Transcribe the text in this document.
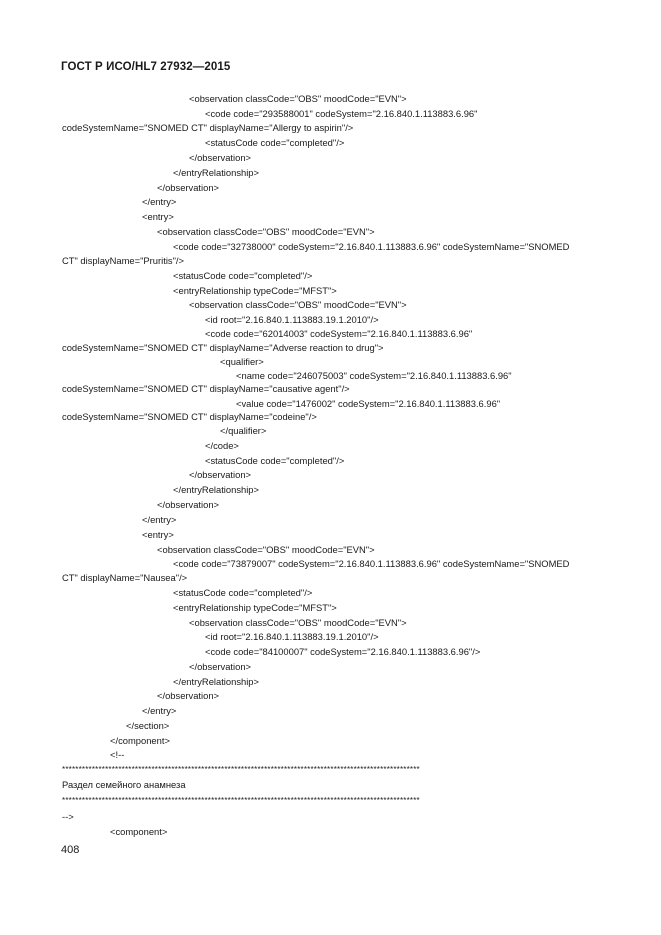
ГОСТ Р ИСО/HL7 27932—2015
<observation classCode="OBS" moodCode="EVN">
<code code="293588001" codeSystem="2.16.840.1.113883.6.96"
codeSystemName="SNOMED CT" displayName="Allergy to aspirin"/>
<statusCode code="completed"/>
</observation>
</entryRelationship>
</observation>
</entry>
<entry>
<observation classCode="OBS" moodCode="EVN">
<code code="32738000" codeSystem="2.16.840.1.113883.6.96" codeSystemName="SNOMED
CT" displayName="Pruritis"/>
<statusCode code="completed"/>
<entryRelationship typeCode="MFST">
<observation classCode="OBS" moodCode="EVN">
<id root="2.16.840.1.113883.19.1.2010"/>
<code code="62014003" codeSystem="2.16.840.1.113883.6.96"
codeSystemName="SNOMED CT" displayName="Adverse reaction to drug">
<qualifier>
<name code="246075003" codeSystem="2.16.840.1.113883.6.96"
codeSystemName="SNOMED CT" displayName="causative agent"/>
<value code="1476002" codeSystem="2.16.840.1.113883.6.96"
codeSystemName="SNOMED CT" displayName="codeine"/>
</qualifier>
</code>
<statusCode code="completed"/>
</observation>
</entryRelationship>
</observation>
</entry>
<entry>
<observation classCode="OBS" moodCode="EVN">
<code code="73879007" codeSystem="2.16.840.1.113883.6.96" codeSystemName="SNOMED
CT" displayName="Nausea"/>
<statusCode code="completed"/>
<entryRelationship typeCode="MFST">
<observation classCode="OBS" moodCode="EVN">
<id root="2.16.840.1.113883.19.1.2010"/>
<code code="84100007" codeSystem="2.16.840.1.113883.6.96"/>
</observation>
</entryRelationship>
</observation>
</entry>
</section>
</component>
<!--
************************************************************************************************************
Раздел семейного анамнеза
************************************************************************************************************
-->
<component>
408
